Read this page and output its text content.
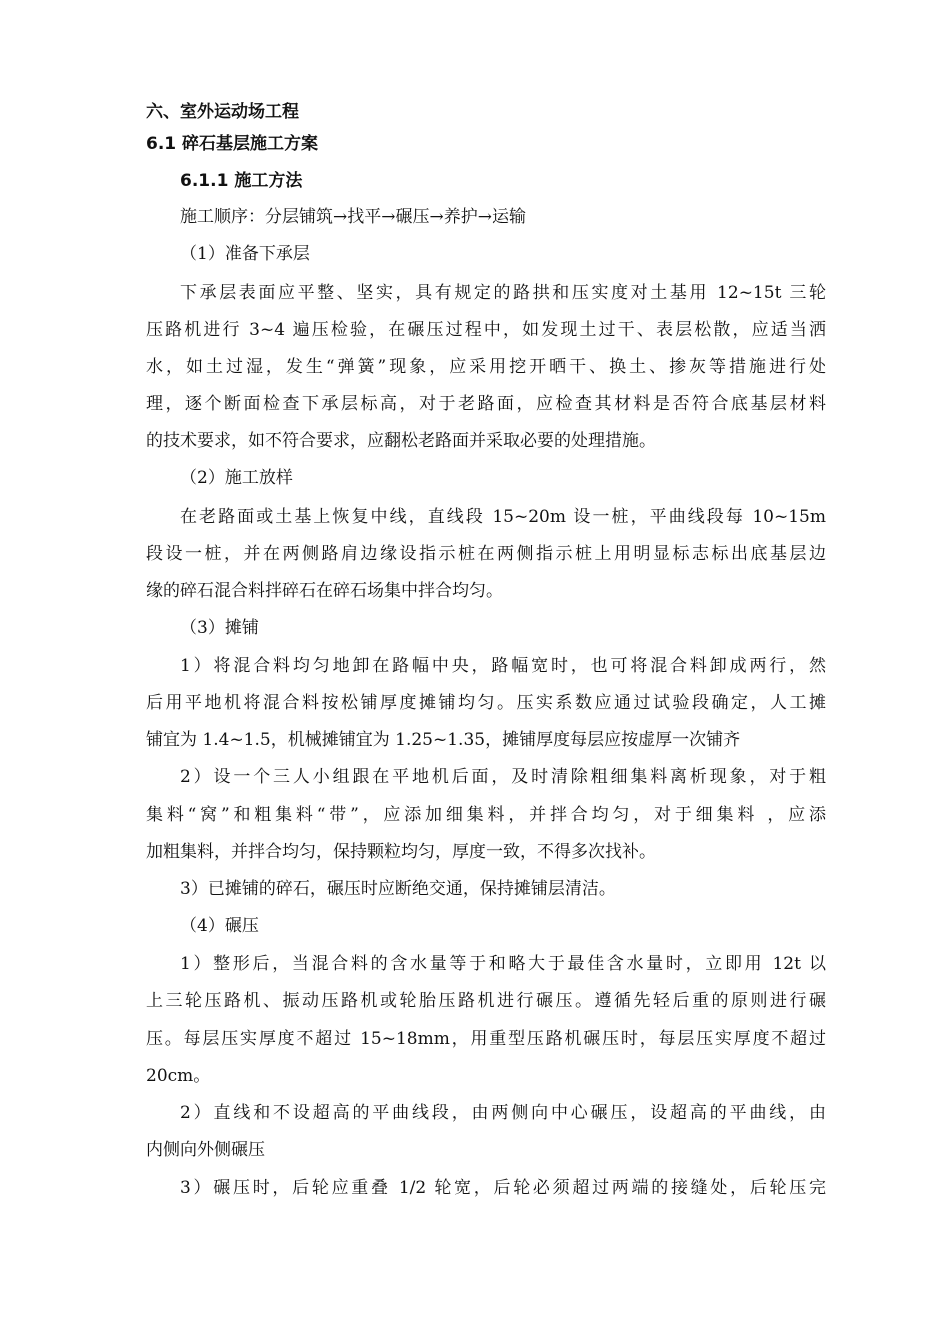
六、室外运动场工程
6.1 碎石基层施工方案
6.1.1 施工方法
施工顺序：分层铺筑→找平→碾压→养护→运输
（1）准备下承层
下承层表面应平整、坚实，具有规定的路拱和压实度对土基用 12~15t 三轮
压路机进行 3~4 遍压检验，在碾压过程中，如发现土过干、表层松散，应适当洒
水，如土过湿，发生“弹簧”现象，应采用挖开晒干、换土、掺灰等措施进行处
理，逐个断面检查下承层标高，对于老路面，应检查其材料是否符合底基层材料
的技术要求，如不符合要求，应翻松老路面并采取必要的处理措施。
（2）施工放样
在老路面或土基上恢复中线，直线段 15~20m 设一桩，平曲线段每 10~15m
段设一桩，并在两侧路肩边缘设指示桩在两侧指示桩上用明显标志标出底基层边
缘的碎石混合料拌碎石在碎石场集中拌合均匀。
（3）摊铺
1）将混合料均匀地卸在路幅中央，路幅宽时，也可将混合料卸成两行，然
后用平地机将混合料按松铺厚度摊铺均匀。压实系数应通过试验段确定，人工摊
铺宜为 1.4~1.5，机械摊铺宜为 1.25~1.35，摊铺厚度每层应按虚厚一次铺齐
2）设一个三人小组跟在平地机后面，及时清除粗细集料离析现象，对于粗
集料“窝”和粗集料“带”，应添加细集料，并拌合均匀，对于细集料 ，应添
加粗集料，并拌合均匀，保持颗粒均匀，厚度一致，不得多次找补。
3）已摊铺的碎石，碾压时应断绝交通，保持摊铺层清洁。
（4）碾压
1）整形后，当混合料的含水量等于和略大于最佳含水量时，立即用 12t 以
上三轮压路机、振动压路机或轮胎压路机进行碾压。遵循先轻后重的原则进行碾
压。每层压实厚度不超过 15~18mm，用重型压路机碾压时，每层压实厚度不超过
20cm。
2）直线和不设超高的平曲线段，由两侧向中心碾压，设超高的平曲线，由
内侧向外侧碾压
3）碾压时，后轮应重叠 1/2 轮宽，后轮必须超过两端的接缝处，后轮压完
